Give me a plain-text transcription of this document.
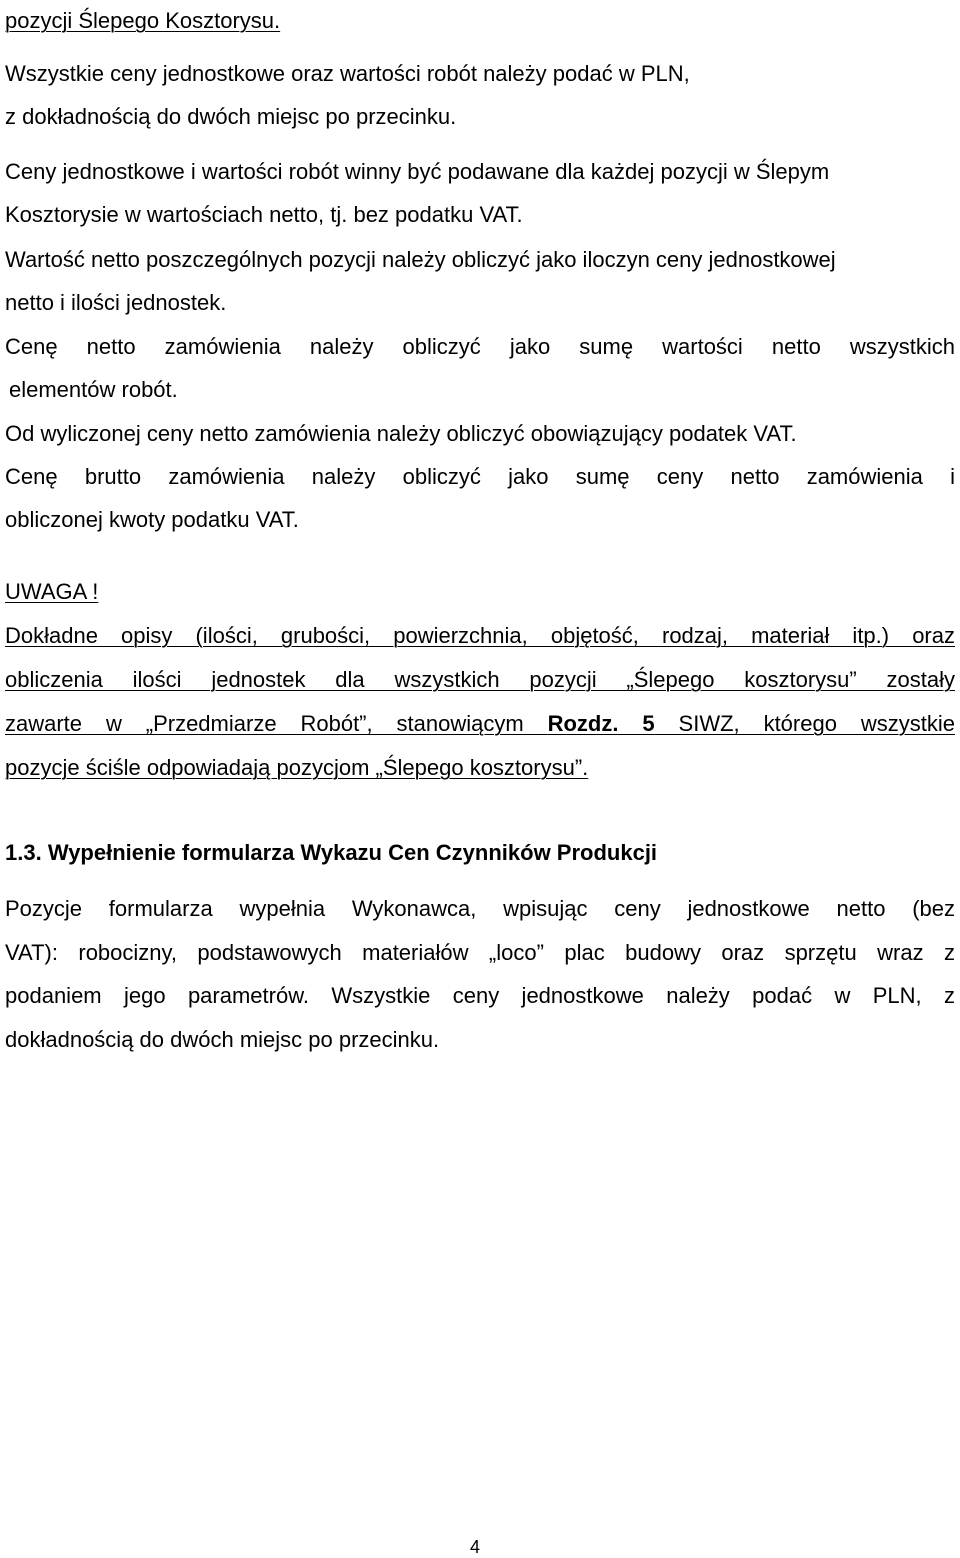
pozycji Ślepego Kosztorysu.
Wszystkie ceny jednostkowe oraz wartości robót należy podać w PLN,
z dokładnością do dwóch miejsc po przecinku.
Ceny jednostkowe i wartości robót winny być podawane dla każdej pozycji w Ślepym
Kosztorysie w wartościach netto, tj. bez podatku VAT.
Wartość netto poszczególnych pozycji należy obliczyć jako iloczyn ceny jednostkowej
netto i ilości jednostek.
Cenę netto zamówienia należy obliczyć jako sumę wartości netto wszystkich
elementów robót.
Od wyliczonej ceny netto zamówienia należy obliczyć obowiązujący podatek VAT.
Cenę brutto zamówienia należy obliczyć jako sumę ceny netto zamówienia i
obliczonej kwoty podatku VAT.
UWAGA !
Dokładne opisy (ilości, grubości, powierzchnia, objętość, rodzaj, materiał itp.) oraz
obliczenia ilości jednostek dla wszystkich pozycji „Ślepego kosztorysu” zostały
zawarte w „Przedmiarze Robót”, stanowiącym Rozdz. 5 SIWZ, którego wszystkie
pozycje ściśle odpowiadają pozycjom „Ślepego kosztorysu”.
1.3. Wypełnienie formularza Wykazu Cen Czynników Produkcji
Pozycje formularza wypełnia Wykonawca, wpisując ceny jednostkowe netto (bez
VAT): robocizny, podstawowych materiałów „loco” plac budowy oraz sprzętu wraz z
podaniem jego parametrów. Wszystkie ceny jednostkowe należy podać w PLN, z
dokładnością do dwóch miejsc po przecinku.
4
